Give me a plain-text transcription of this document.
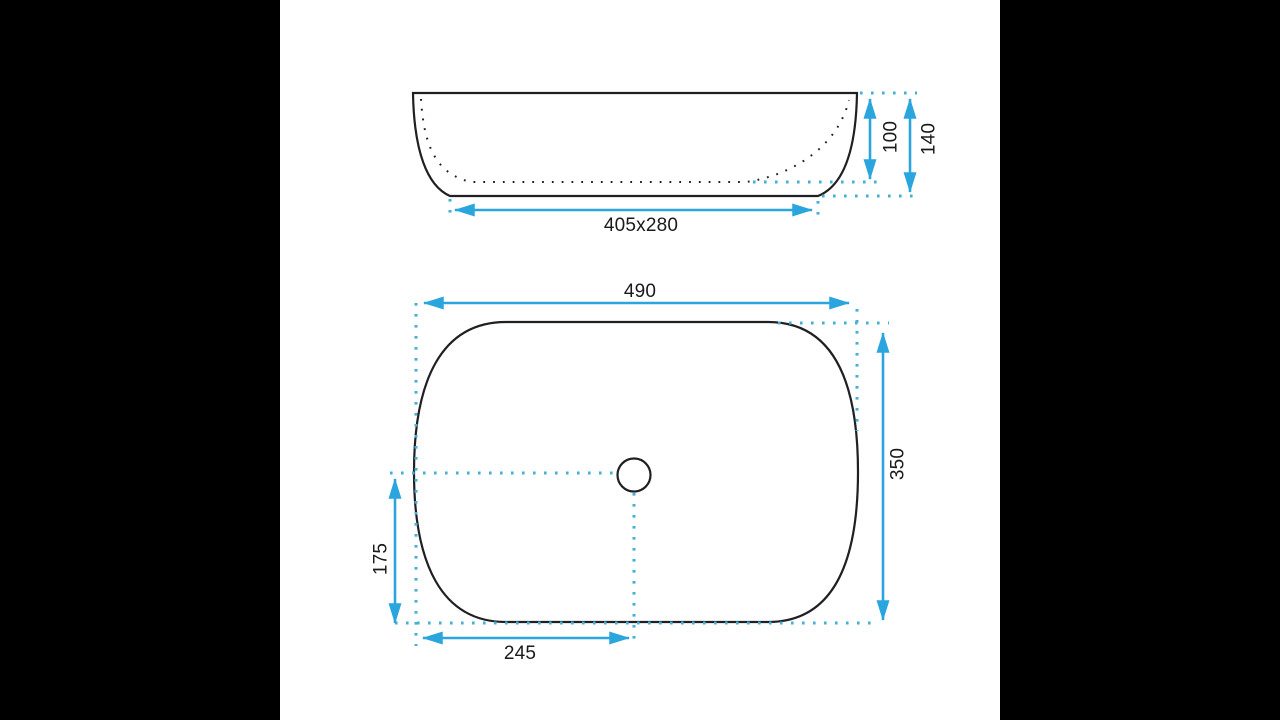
405x280
100 140
490
350
175
245
